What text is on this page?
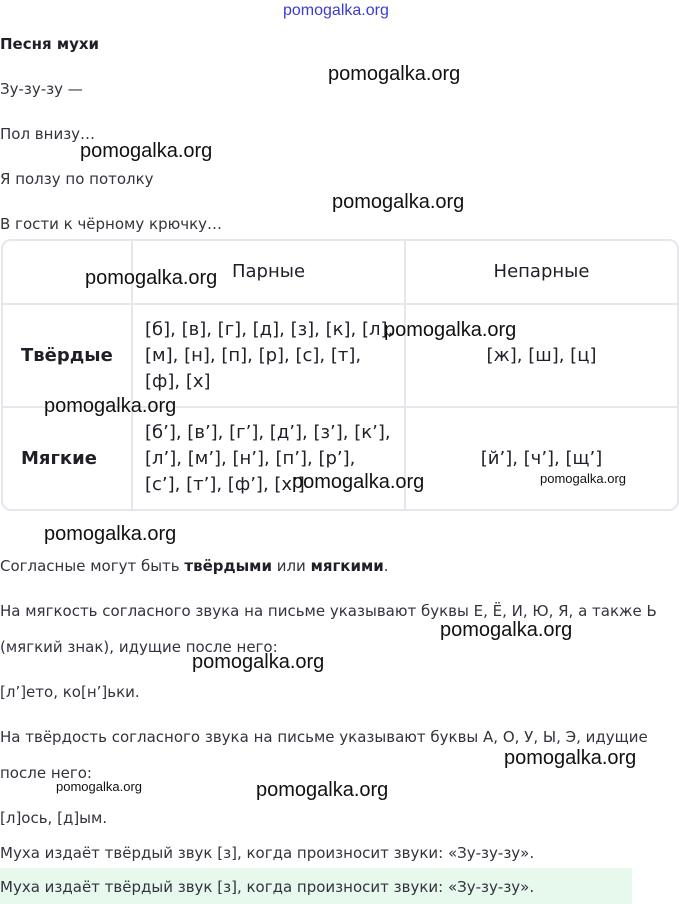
pomogalka.org
Песня мухи
Зу-зу-зу —
Пол внизу…
Я ползу по потолку
В гости к чёрному крючку…
	Парные	Непарные
Твёрдые	[б], [в], [г], [д], [з], [к], [л], [м], [н], [п], [р], [с], [т], [ф], [х]	[ж], [ш], [ц]
Мягкие	[б’], [в’], [г’], [д’], [з’], [к’], [л’], [м’], [н’], [п’], [р’], [с’], [т’], [ф’], [х’]	[й’], [ч’], [щ’]
Согласные могут быть твёрдыми или мягкими.
На мягкость согласного звука на письме указывают буквы Е, Ё, И, Ю, Я, а также Ь
(мягкий знак), идущие после него:
[л’]ето, ко[н’]ьки.
На твёрдость согласного звука на письме указывают буквы А, О, У, Ы, Э, идущие
после него:
[л]ось, [д]ым.
Муха издаёт твёрдый звук [з], когда произносит звуки: «Зу-зу-зу».
Муха издаёт твёрдый звук [з], когда произносит звуки: «Зу-зу-зу».
pomogalka.org
pomogalka.org
pomogalka.org
pomogalka.org
pomogalka.org
pomogalka.org
pomogalka.org	pomogalka.org
pomogalka.org
pomogalka.org
pomogalka.org
pomogalka.org
pomogalka.org	pomogalka.org
